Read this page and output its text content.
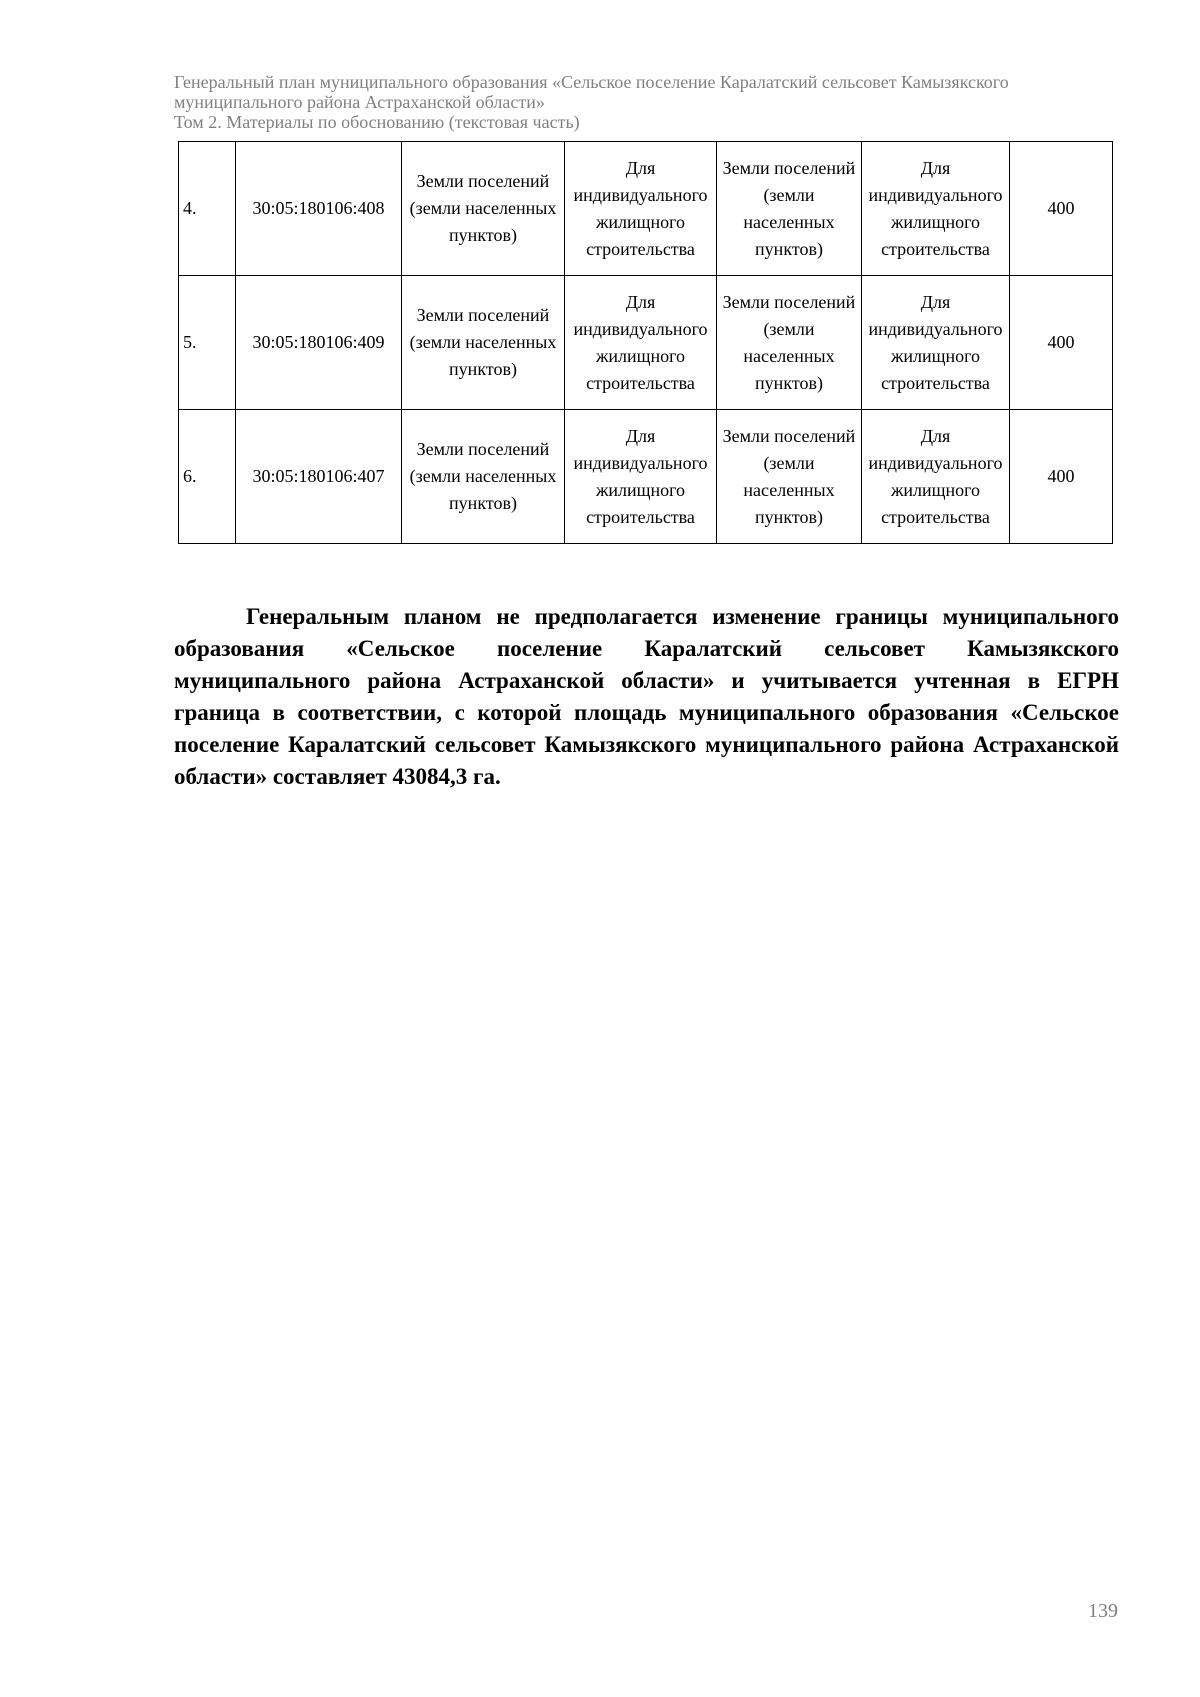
Генеральный план муниципального образования «Сельское поселение Каралатский сельсовет Камызякского
муниципального района Астраханской области»
Том 2. Материалы по обоснованию (текстовая часть)
4.	30:05:180106:408	Земли поселений (земли населенных пунктов)	Для индивидуального жилищного строительства	Земли поселений (земли населенных пунктов)	Для индивидуального жилищного строительства	400
5.	30:05:180106:409	Земли поселений (земли населенных пунктов)	Для индивидуального жилищного строительства	Земли поселений (земли населенных пунктов)	Для индивидуального жилищного строительства	400
6.	30:05:180106:407	Земли поселений (земли населенных пунктов)	Для индивидуального жилищного строительства	Земли поселений (земли населенных пунктов)	Для индивидуального жилищного строительства	400

Генеральным планом не предполагается изменение границы муниципального образования «Сельское поселение Каралатский сельсовет Камызякского муниципального района Астраханской области» и учитывается учтенная в ЕГРН граница в соответствии, с которой площадь муниципального образования «Сельское поселение Каралатский сельсовет Камызякского муниципального района Астраханской области» составляет 43084,3 га.

139
